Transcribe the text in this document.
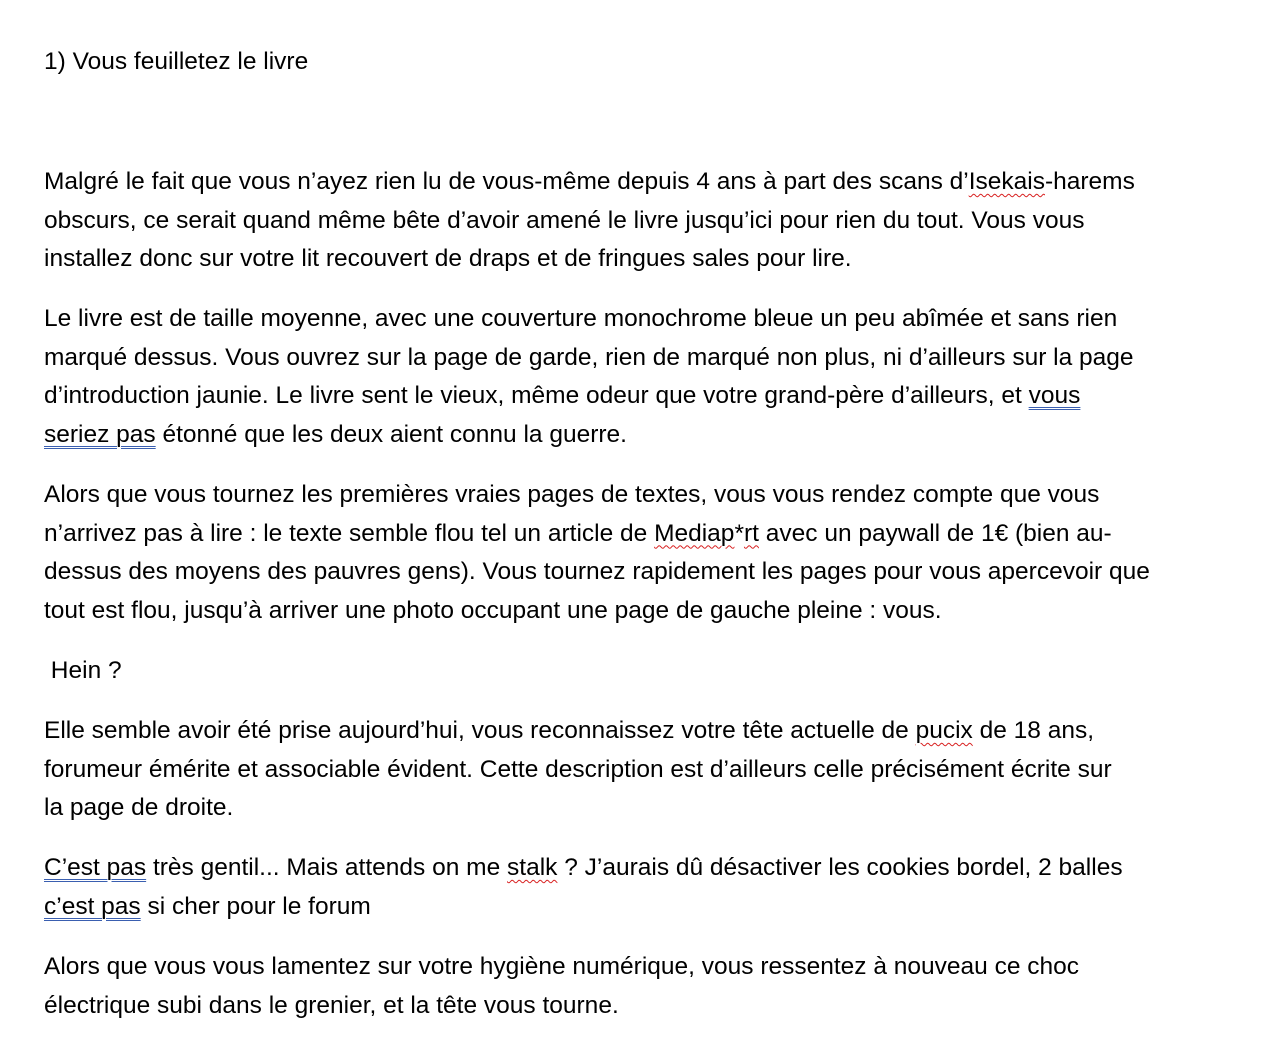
1) Vous feuilletez le livre
Malgré le fait que vous n’ayez rien lu de vous-même depuis 4 ans à part des scans d’Isekais-harems
obscurs, ce serait quand même bête d’avoir amené le livre jusqu’ici pour rien du tout. Vous vous
installez donc sur votre lit recouvert de draps et de fringues sales pour lire.
Le livre est de taille moyenne, avec une couverture monochrome bleue un peu abîmée et sans rien
marqué dessus. Vous ouvrez sur la page de garde, rien de marqué non plus, ni d’ailleurs sur la page
d’introduction jaunie. Le livre sent le vieux, même odeur que votre grand-père d’ailleurs, et vous
seriez pas étonné que les deux aient connu la guerre.
Alors que vous tournez les premières vraies pages de textes, vous vous rendez compte que vous
n’arrivez pas à lire : le texte semble flou tel un article de Mediap*rt avec un paywall de 1€ (bien au-
dessus des moyens des pauvres gens). Vous tournez rapidement les pages pour vous apercevoir que
tout est flou, jusqu’à arriver une photo occupant une page de gauche pleine : vous.
Hein ?
Elle semble avoir été prise aujourd’hui, vous reconnaissez votre tête actuelle de pucix de 18 ans,
forumeur émérite et associable évident. Cette description est d’ailleurs celle précisément écrite sur
la page de droite.
C’est pas très gentil... Mais attends on me stalk ? J’aurais dû désactiver les cookies bordel, 2 balles
c’est pas si cher pour le forum
Alors que vous vous lamentez sur votre hygiène numérique, vous ressentez à nouveau ce choc
électrique subi dans le grenier, et la tête vous tourne.
